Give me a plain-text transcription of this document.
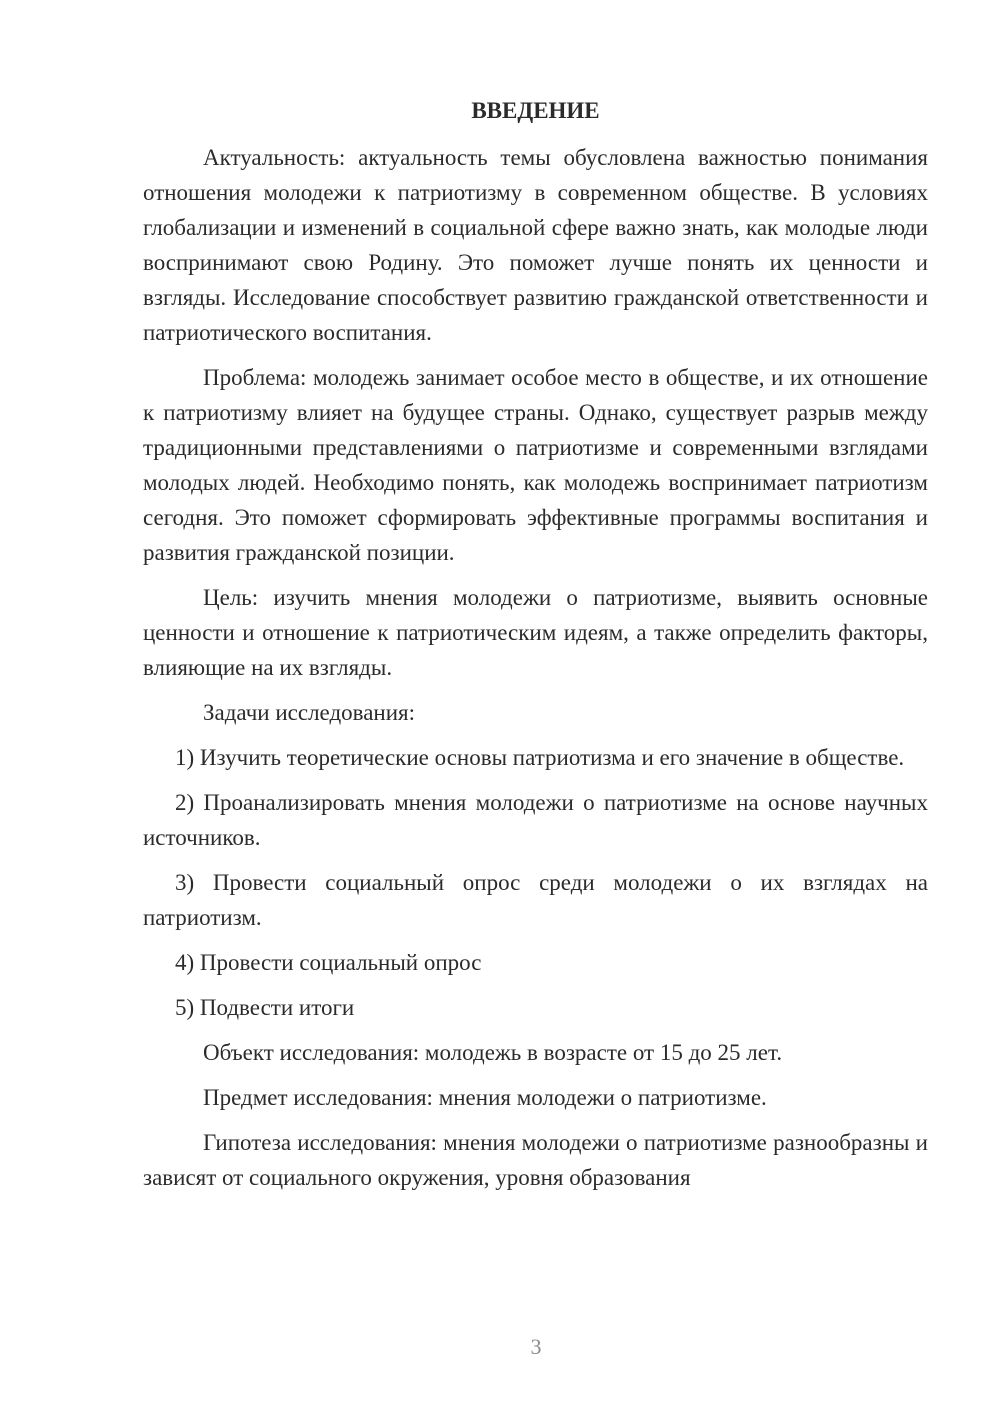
ВВЕДЕНИЕ

Актуальность: актуальность темы обусловлена важностью понимания отношения молодежи к патриотизму в современном обществе. В условиях глобализации и изменений в социальной сфере важно знать, как молодые люди воспринимают свою Родину. Это поможет лучше понять их ценности и взгляды. Исследование способствует развитию гражданской ответственности и патриотического воспитания.

Проблема: молодежь занимает особое место в обществе, и их отношение к патриотизму влияет на будущее страны. Однако, существует разрыв между традиционными представлениями о патриотизме и современными взглядами молодых людей. Необходимо понять, как молодежь воспринимает патриотизм сегодня. Это поможет сформировать эффективные программы воспитания и развития гражданской позиции.

Цель: изучить мнения молодежи о патриотизме, выявить основные ценности и отношение к патриотическим идеям, а также определить факторы, влияющие на их взгляды.

Задачи исследования:

1) Изучить теоретические основы патриотизма и его значение в обществе.

2) Проанализировать мнения молодежи о патриотизме на основе научных источников.

3) Провести социальный опрос среди молодежи о их взглядах на патриотизм.

4) Провести социальный опрос

5) Подвести итоги

Объект исследования: молодежь в возрасте от 15 до 25 лет.

Предмет исследования: мнения молодежи о патриотизме.

Гипотеза исследования: мнения молодежи о патриотизме разнообразны и зависят от социального окружения, уровня образования

3
